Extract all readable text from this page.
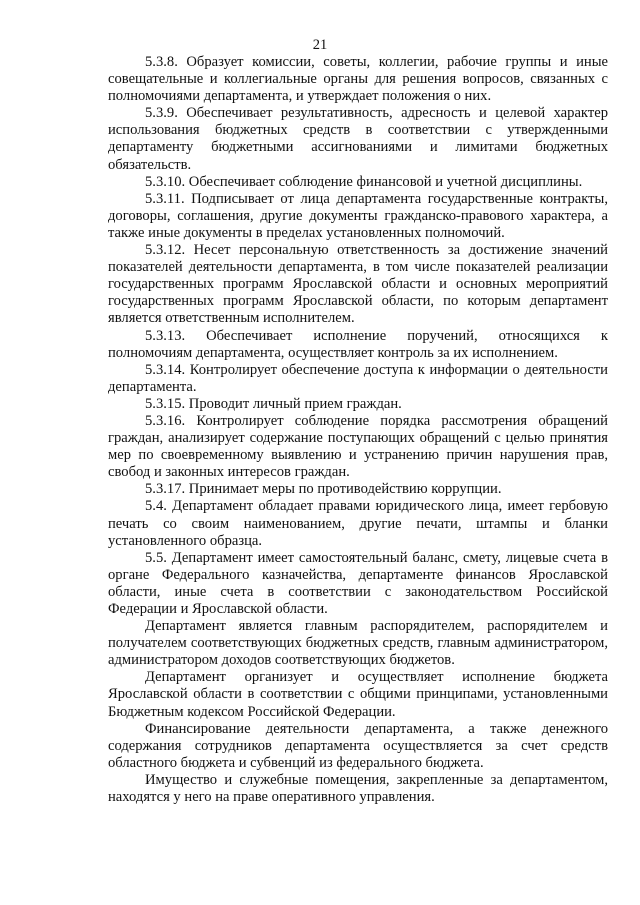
21

5.3.8. Образует комиссии, советы, коллегии, рабочие группы и иные совещательные и коллегиальные органы для решения вопросов, связанных с полномочиями департамента, и утверждает положения о них.

5.3.9. Обеспечивает результативность, адресность и целевой характер использования бюджетных средств в соответствии с утвержденными департаменту бюджетными ассигнованиями и лимитами бюджетных обязательств.

5.3.10. Обеспечивает соблюдение финансовой и учетной дисциплины.

5.3.11. Подписывает от лица департамента государственные контракты, договоры, соглашения, другие документы гражданско-правового характера, а также иные документы в пределах установленных полномочий.

5.3.12. Несет персональную ответственность за достижение значений показателей деятельности департамента, в том числе показателей реализации государственных программ Ярославской области и основных мероприятий государственных программ Ярославской области, по которым департамент является ответственным исполнителем.

5.3.13. Обеспечивает исполнение поручений, относящихся к полномочиям департамента, осуществляет контроль за их исполнением.

5.3.14. Контролирует обеспечение доступа к информации о деятельности департамента.

5.3.15. Проводит личный прием граждан.

5.3.16. Контролирует соблюдение порядка рассмотрения обращений граждан, анализирует содержание поступающих обращений с целью принятия мер по своевременному выявлению и устранению причин нарушения прав, свобод и законных интересов граждан.

5.3.17. Принимает меры по противодействию коррупции.

5.4. Департамент обладает правами юридического лица, имеет гербовую печать со своим наименованием, другие печати, штампы и бланки установленного образца.

5.5. Департамент имеет самостоятельный баланс, смету, лицевые счета в органе Федерального казначейства, департаменте финансов Ярославской области, иные счета в соответствии с законодательством Российской Федерации и Ярославской области.

Департамент является главным распорядителем, распорядителем и получателем соответствующих бюджетных средств, главным администратором, администратором доходов соответствующих бюджетов.

Департамент организует и осуществляет исполнение бюджета Ярославской области в соответствии с общими принципами, установленными Бюджетным кодексом Российской Федерации.

Финансирование деятельности департамента, а также денежного содержания сотрудников департамента осуществляется за счет средств областного бюджета и субвенций из федерального бюджета.

Имущество и служебные помещения, закрепленные за департаментом, находятся у него на праве оперативного управления.
